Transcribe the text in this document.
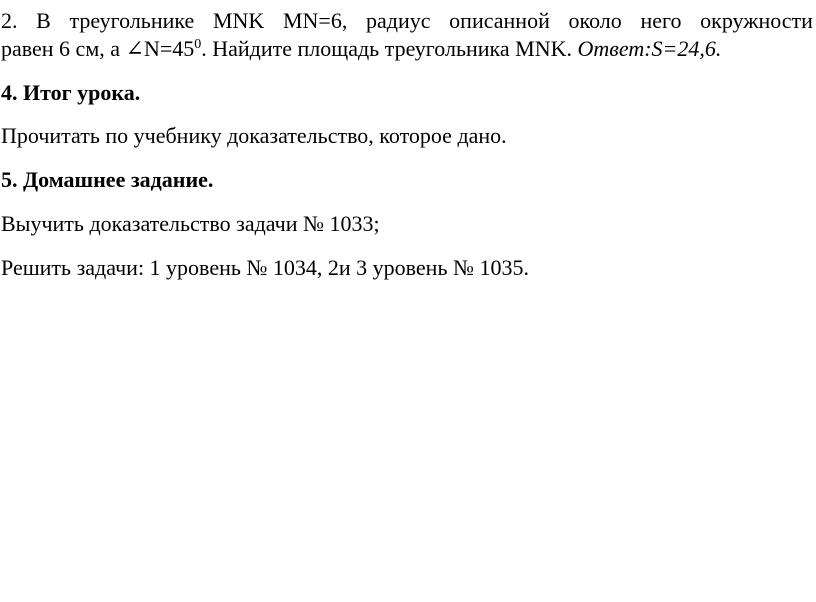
2. В треугольнике MNK MN=6, радиус описанной около него окружности
равен 6 см, а $\angle N=45^0$. Найдите площадь треугольника MNK. Ответ:S=24,6.
4. Итог урока.
Прочитать по учебнику доказательство, которое дано.
5. Домашнее задание.
Выучить доказательство задачи № 1033;
Решить задачи: 1 уровень № 1034, 2и 3 уровень № 1035.
